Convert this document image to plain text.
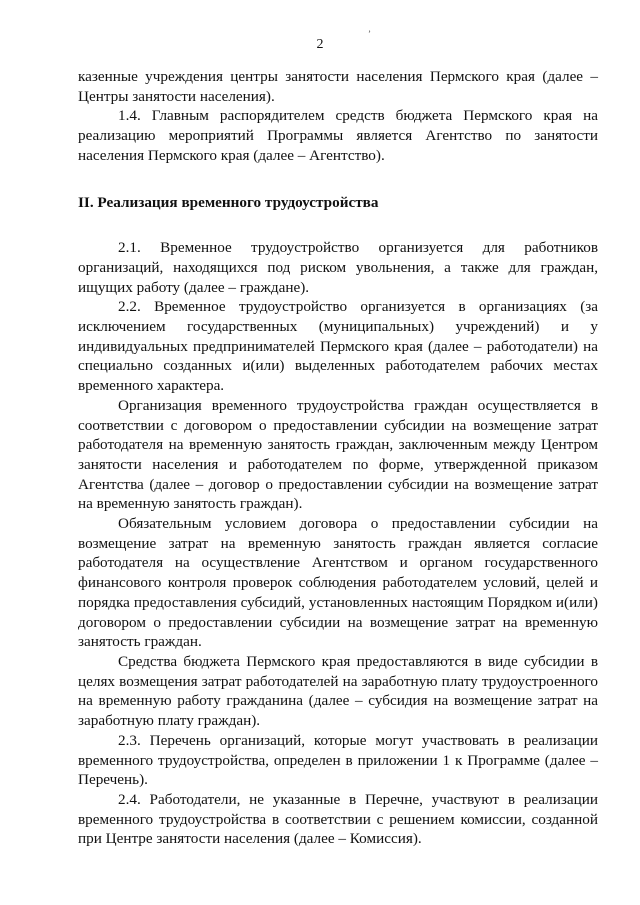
2
ʼ

казенные учреждения центры занятости населения Пермского края (далее – Центры занятости населения).

1.4. Главным распорядителем средств бюджета Пермского края на реализацию мероприятий Программы является Агентство по занятости населения Пермского края (далее – Агентство).

II. Реализация временного трудоустройства

2.1. Временное трудоустройство организуется для работников организаций, находящихся под риском увольнения, а также для граждан, ищущих работу (далее – граждане).

2.2. Временное трудоустройство организуется в организациях (за исключением государственных (муниципальных) учреждений) и у индивидуальных предпринимателей Пермского края (далее – работодатели) на специально созданных и(или) выделенных работодателем рабочих местах временного характера.

Организация временного трудоустройства граждан осуществляется в соответствии с договором о предоставлении субсидии на возмещение затрат работодателя на временную занятость граждан, заключенным между Центром занятости населения и работодателем по форме, утвержденной приказом Агентства (далее – договор о предоставлении субсидии на возмещение затрат на временную занятость граждан).

Обязательным условием договора о предоставлении субсидии на возмещение затрат на временную занятость граждан является согласие работодателя на осуществление Агентством и органом государственного финансового контроля проверок соблюдения работодателем условий, целей и порядка предоставления субсидий, установленных настоящим Порядком и(или) договором о предоставлении субсидии на возмещение затрат на временную занятость граждан.

Средства бюджета Пермского края предоставляются в виде субсидии в целях возмещения затрат работодателей на заработную плату трудоустроенного на временную работу гражданина (далее – субсидия на возмещение затрат на заработную плату граждан).

2.3. Перечень организаций, которые могут участвовать в реализации временного трудоустройства, определен в приложении 1 к Программе (далее – Перечень).

2.4. Работодатели, не указанные в Перечне, участвуют в реализации временного трудоустройства в соответствии с решением комиссии, созданной при Центре занятости населения (далее – Комиссия).
